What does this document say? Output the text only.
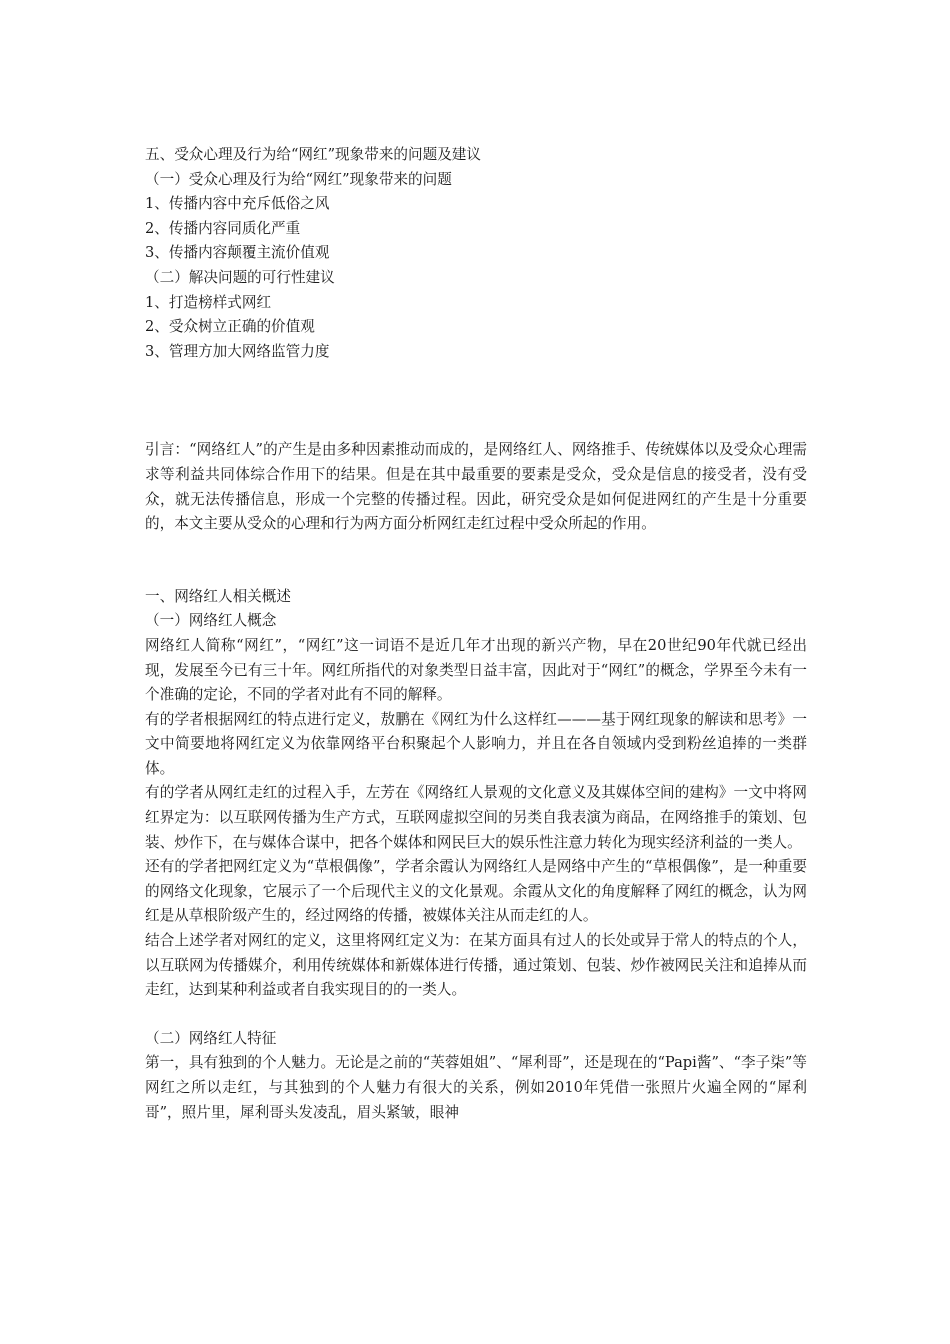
五、受众心理及行为给“网红”现象带来的问题及建议

（一）受众心理及行为给“网红”现象带来的问题

1、传播内容中充斥低俗之风

2、传播内容同质化严重

3、传播内容颠覆主流价值观

（二）解决问题的可行性建议

1、打造榜样式网红

2、受众树立正确的价值观

3、管理方加大网络监管力度

引言：“网络红人”的产生是由多种因素推动而成的，是网络红人、网络推手、传统媒体以及受众心理需求等利益共同体综合作用下的结果。但是在其中最重要的要素是受众，受众是信息的接受者，没有受众，就无法传播信息，形成一个完整的传播过程。因此，研究受众是如何促进网红的产生是十分重要的，本文主要从受众的心理和行为两方面分析网红走红过程中受众所起的作用。

一、网络红人相关概述

（一）网络红人概念

网络红人简称“网红”，“网红”这一词语不是近几年才出现的新兴产物，早在20世纪90年代就已经出现，发展至今已有三十年。网红所指代的对象类型日益丰富，因此对于“网红”的概念，学界至今未有一个准确的定论，不同的学者对此有不同的解释。

有的学者根据网红的特点进行定义，敖鹏在《网红为什么这样红———基于网红现象的解读和思考》一文中简要地将网红定义为依靠网络平台积聚起个人影响力，并且在各自领域内受到粉丝追捧的一类群体。

有的学者从网红走红的过程入手，左芳在《网络红人景观的文化意义及其媒体空间的建构》一文中将网红界定为：以互联网传播为生产方式，互联网虚拟空间的另类自我表演为商品，在网络推手的策划、包装、炒作下，在与媒体合谋中，把各个媒体和网民巨大的娱乐性注意力转化为现实经济利益的一类人。

还有的学者把网红定义为“草根偶像”，学者余霞认为网络红人是网络中产生的“草根偶像”，是一种重要的网络文化现象，它展示了一个后现代主义的文化景观。余霞从文化的角度解释了网红的概念，认为网红是从草根阶级产生的，经过网络的传播，被媒体关注从而走红的人。

结合上述学者对网红的定义，这里将网红定义为：在某方面具有过人的长处或异于常人的特点的个人，以互联网为传播媒介，利用传统媒体和新媒体进行传播，通过策划、包装、炒作被网民关注和追捧从而走红，达到某种利益或者自我实现目的的一类人。

（二）网络红人特征

第一，具有独到的个人魅力。无论是之前的“芙蓉姐姐”、“犀利哥”，还是现在的“Papi酱”、“李子柒”等网红之所以走红，与其独到的个人魅力有很大的关系，例如2010年凭借一张照片火遍全网的“犀利哥”，照片里，犀利哥头发凌乱，眉头紧皱，眼神
